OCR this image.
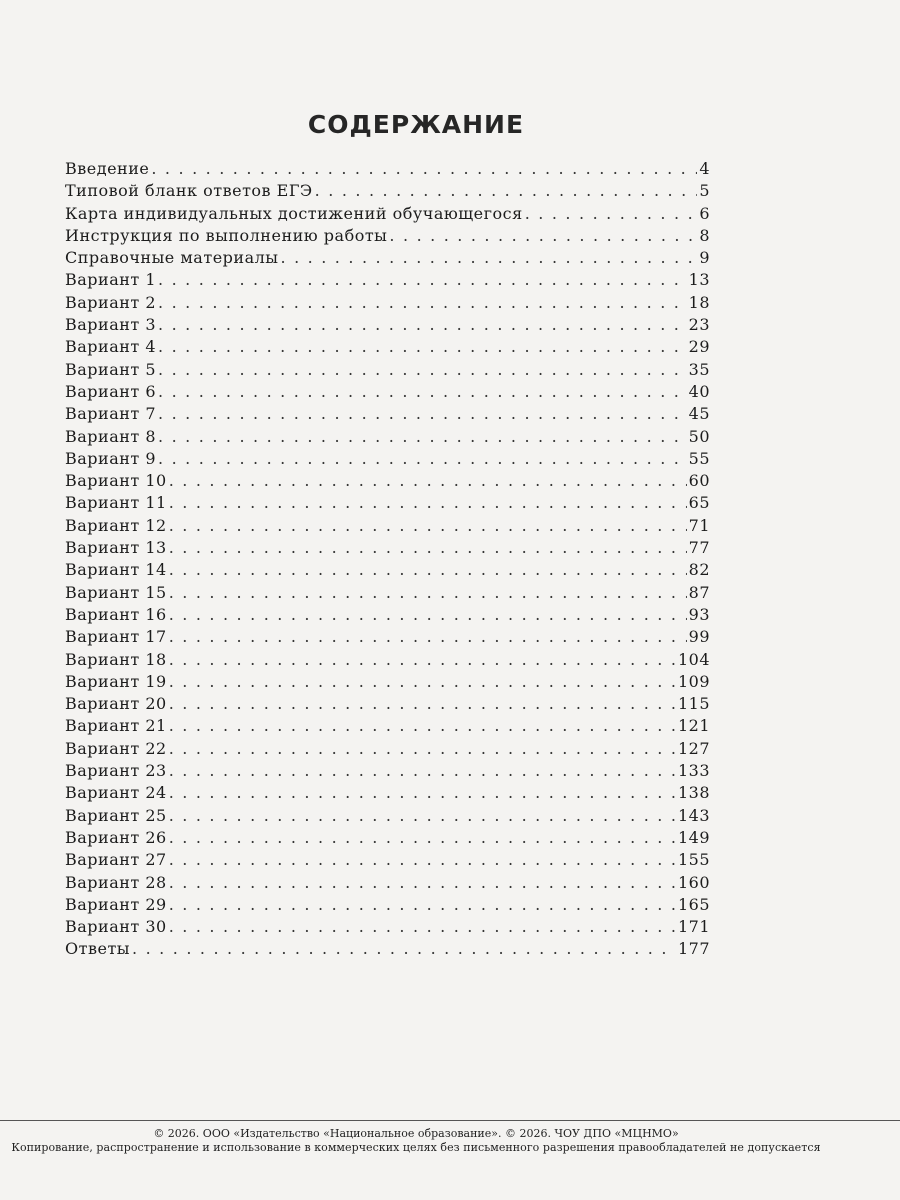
СОДЕРЖАНИЕ
Введение . . .	4
Типовой бланк ответов ЕГЭ . . .	5
Карта индивидуальных достижений обучающегося . . .	6
Инструкция по выполнению работы . . .	8
Справочные материалы . . .	9
Вариант 1 . . .	13
Вариант 2 . . .	18
Вариант 3 . . .	23
Вариант 4 . . .	29
Вариант 5 . . .	35
Вариант 6 . . .	40
Вариант 7 . . .	45
Вариант 8 . . .	50
Вариант 9 . . .	55
Вариант 10 . . .	60
Вариант 11 . . .	65
Вариант 12 . . .	71
Вариант 13 . . .	77
Вариант 14 . . .	82
Вариант 15 . . .	87
Вариант 16 . . .	93
Вариант 17 . . .	99
Вариант 18 . . .	104
Вариант 19 . . .	109
Вариант 20 . . .	115
Вариант 21 . . .	121
Вариант 22 . . .	127
Вариант 23 . . .	133
Вариант 24 . . .	138
Вариант 25 . . .	143
Вариант 26 . . .	149
Вариант 27 . . .	155
Вариант 28 . . .	160
Вариант 29 . . .	165
Вариант 30 . . .	171
Ответы . . .	177
© 2026. ООО «Издательство «Национальное образование». © 2026. ЧОУ ДПО «МЦНМО»
Копирование, распространение и использование в коммерческих целях без письменного разрешения правообладателей не допускается
